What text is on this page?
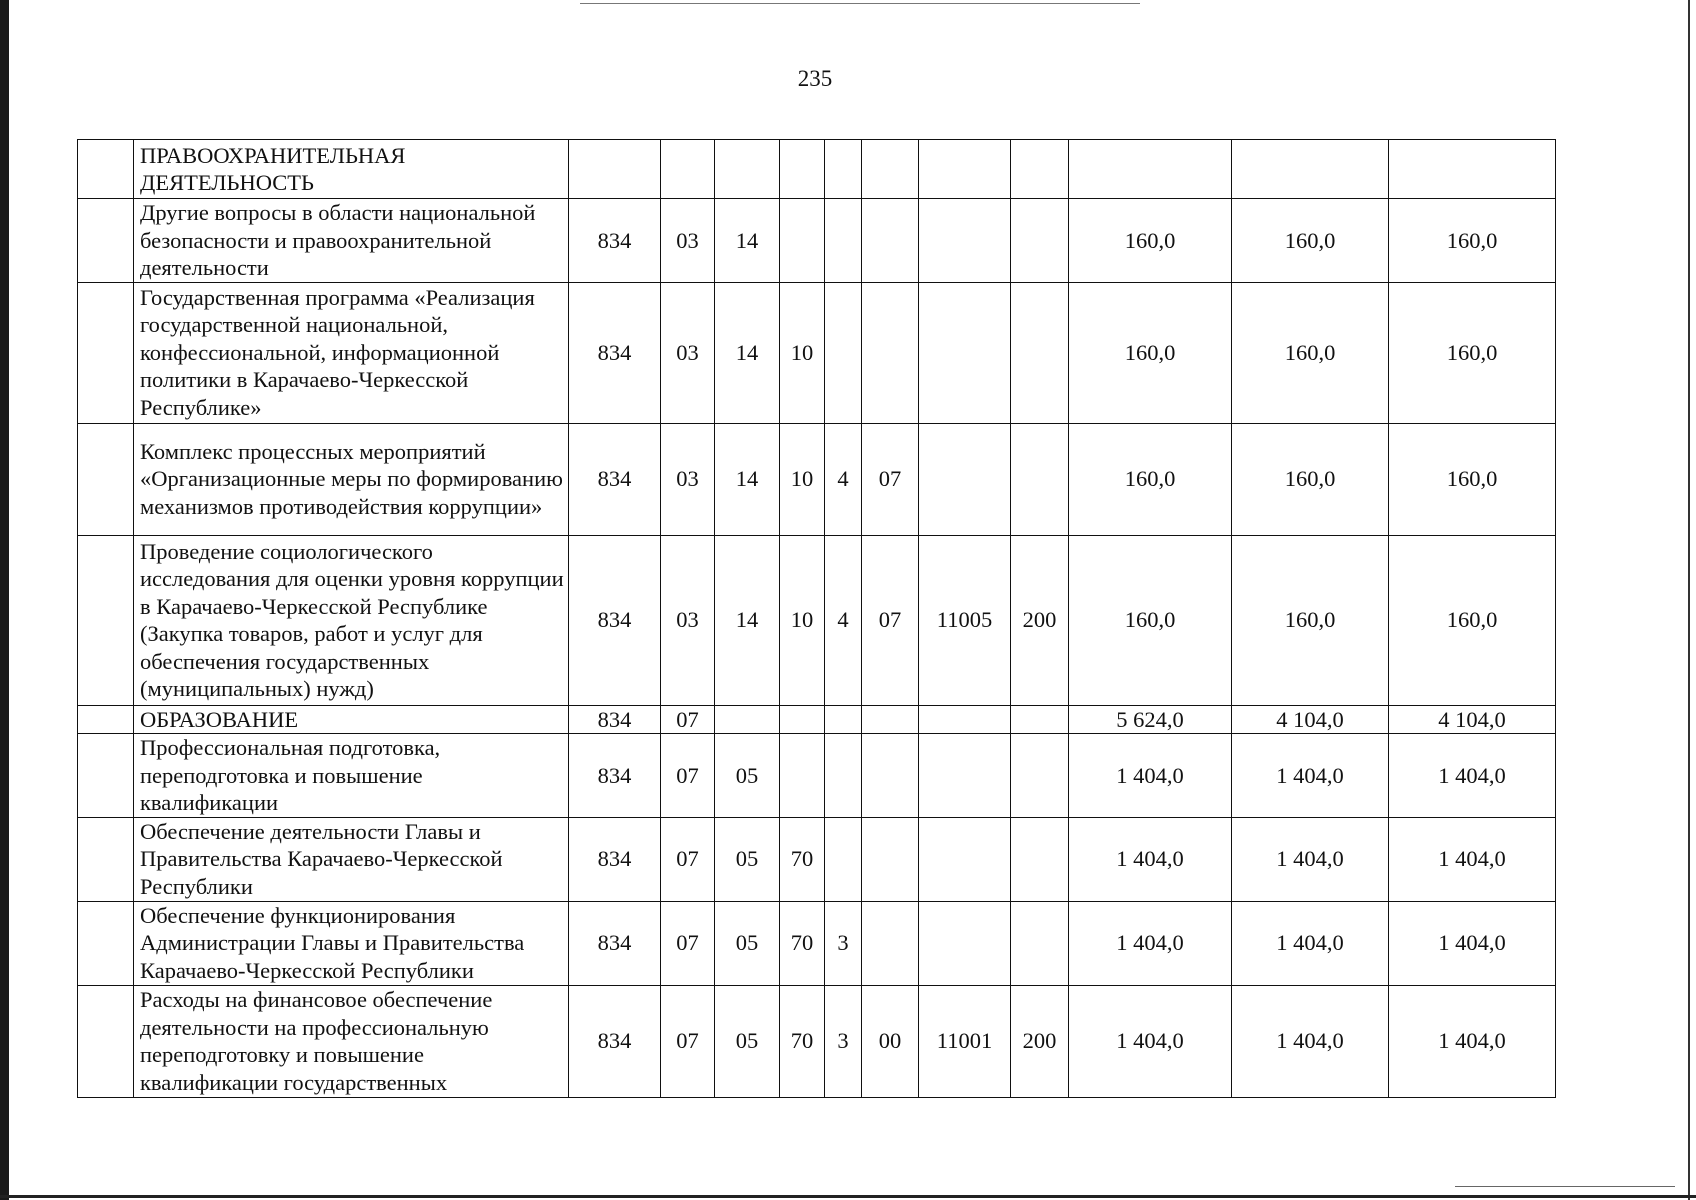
235
	ПРАВООХРАНИТЕЛЬНАЯ ДЕЯТЕЛЬНОСТЬ											
	Другие вопросы в области национальной безопасности и правоохранительной деятельности	834	03	14						160,0	160,0	160,0
	Государственная программа «Реализация государственной национальной, конфессиональной, информационной политики в Карачаево-Черкесской Республике»	834	03	14	10					160,0	160,0	160,0
	Комплекс процессных мероприятий «Организационные меры по формированию механизмов противодействия коррупции»	834	03	14	10	4	07			160,0	160,0	160,0
	Проведение социологического исследования для оценки уровня коррупции в Карачаево-Черкесской Республике (Закупка товаров, работ и услуг для обеспечения государственных (муниципальных) нужд)	834	03	14	10	4	07	11005	200	160,0	160,0	160,0
	ОБРАЗОВАНИЕ	834	07							5 624,0	4 104,0	4 104,0
	Профессиональная подготовка, переподготовка и повышение квалификации	834	07	05						1 404,0	1 404,0	1 404,0
	Обеспечение деятельности Главы и Правительства Карачаево-Черкесской Республики	834	07	05	70					1 404,0	1 404,0	1 404,0
	Обеспечение функционирования Администрации Главы и Правительства Карачаево-Черкесской Республики	834	07	05	70	3				1 404,0	1 404,0	1 404,0
	Расходы на финансовое обеспечение деятельности на профессиональную переподготовку и повышение квалификации государственных	834	07	05	70	3	00	11001	200	1 404,0	1 404,0	1 404,0
